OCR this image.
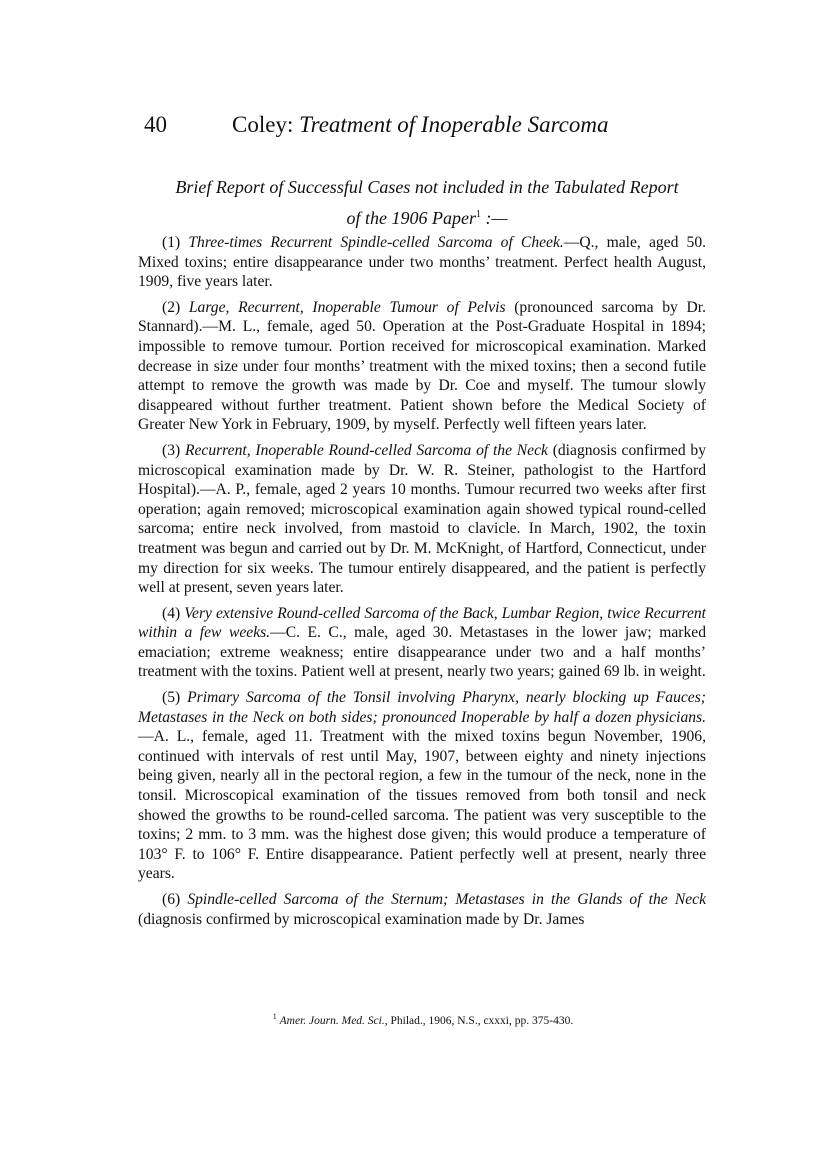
40	Coley: Treatment of Inoperable Sarcoma
Brief Report of Successful Cases not included in the Tabulated Report
of the 1906 Paper$^1$ :—

(1) Three-times Recurrent Spindle-celled Sarcoma of Cheek.—Q., male, aged 50. Mixed toxins; entire disappearance under two months’ treatment. Perfect health August, 1909, five years later.

(2) Large, Recurrent, Inoperable Tumour of Pelvis (pronounced sarcoma by Dr. Stannard).—M. L., female, aged 50. Operation at the Post-Graduate Hospital in 1894; impossible to remove tumour. Portion received for microscopical examination. Marked decrease in size under four months’ treatment with the mixed toxins; then a second futile attempt to remove the growth was made by Dr. Coe and myself. The tumour slowly disappeared without further treatment. Patient shown before the Medical Society of Greater New York in February, 1909, by myself. Perfectly well fifteen years later.

(3) Recurrent, Inoperable Round-celled Sarcoma of the Neck (diagnosis confirmed by microscopical examination made by Dr. W. R. Steiner, pathologist to the Hartford Hospital).—A. P., female, aged 2 years 10 months. Tumour recurred two weeks after first operation; again removed; microscopical examination again showed typical round-celled sarcoma; entire neck involved, from mastoid to clavicle. In March, 1902, the toxin treatment was begun and carried out by Dr. M. McKnight, of Hartford, Connecticut, under my direction for six weeks. The tumour entirely disappeared, and the patient is perfectly well at present, seven years later.

(4) Very extensive Round-celled Sarcoma of the Back, Lumbar Region, twice Recurrent within a few weeks.—C. E. C., male, aged 30. Metastases in the lower jaw; marked emaciation; extreme weakness; entire disappearance under two and a half months’ treatment with the toxins. Patient well at present, nearly two years; gained 69 lb. in weight.

(5) Primary Sarcoma of the Tonsil involving Pharynx, nearly blocking up Fauces; Metastases in the Neck on both sides; pronounced Inoperable by half a dozen physicians.—A. L., female, aged 11. Treatment with the mixed toxins begun November, 1906, continued with intervals of rest until May, 1907, between eighty and ninety injections being given, nearly all in the pectoral region, a few in the tumour of the neck, none in the tonsil. Microscopical examination of the tissues removed from both tonsil and neck showed the growths to be round-celled sarcoma. The patient was very susceptible to the toxins; 2 mm. to 3 mm. was the highest dose given; this would produce a temperature of 103° F. to 106° F. Entire disappearance. Patient perfectly well at present, nearly three years.

(6) Spindle-celled Sarcoma of the Sternum; Metastases in the Glands of the Neck (diagnosis confirmed by microscopical examination made by Dr. James

$^1$ Amer. Journ. Med. Sci., Philad., 1906, N.S., cxxxi, pp. 375-430.
